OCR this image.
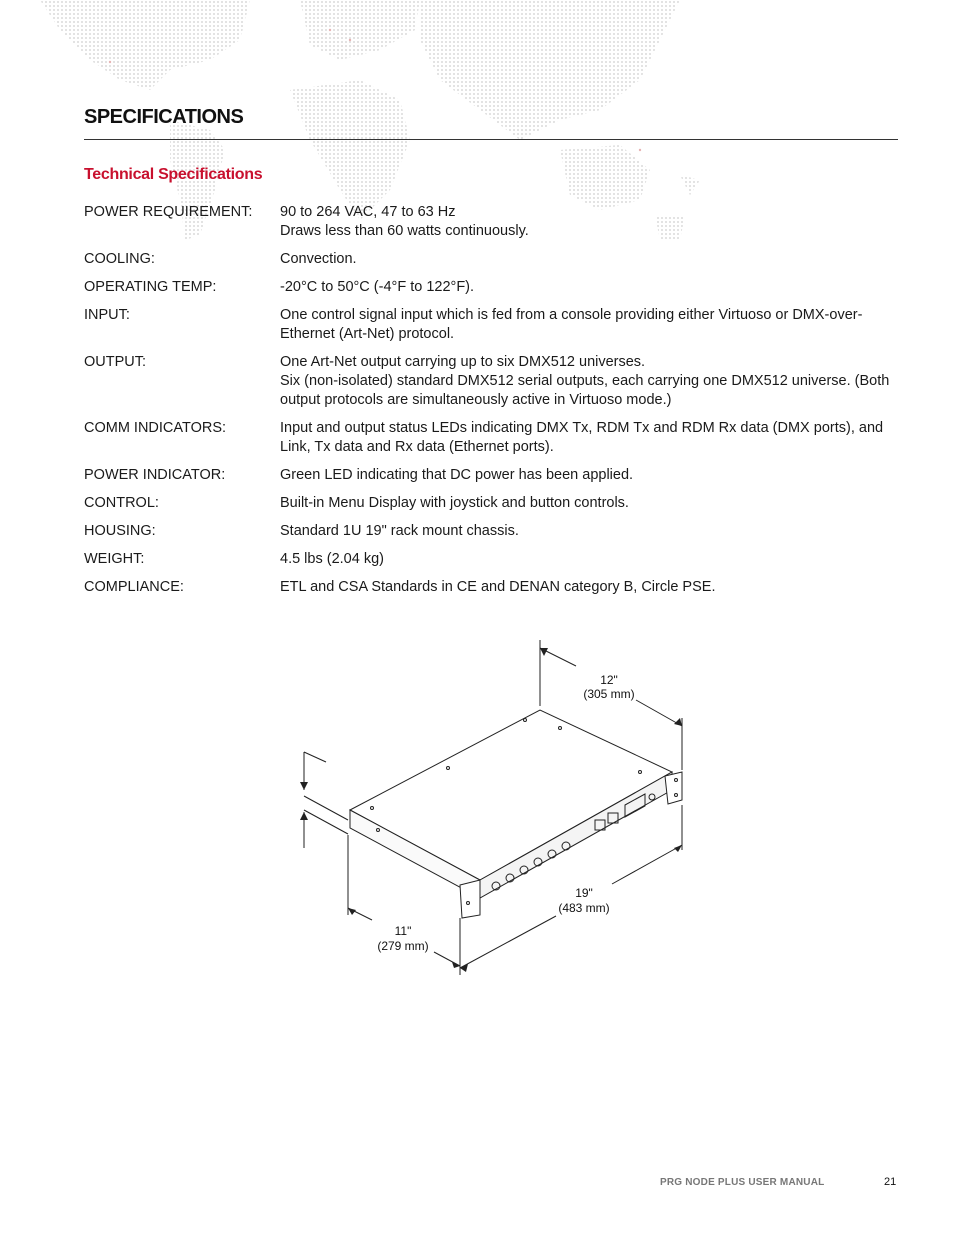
SPECIFICATIONS
Technical Specifications
POWER REQUIREMENT:	90 to 264 VAC, 47 to 63 Hz
Draws less than 60 watts continuously.
COOLING:	Convection.
OPERATING TEMP:	-20°C to 50°C (-4°F to 122°F).
INPUT:	One control signal input which is fed from a console providing either Virtuoso or DMX-over-Ethernet (Art-Net) protocol.
OUTPUT:	One Art-Net output carrying up to six DMX512 universes.
Six (non-isolated) standard DMX512 serial outputs, each carrying one DMX512 universe. (Both output protocols are simultaneously active in Virtuoso mode.)
COMM INDICATORS:	Input and output status LEDs indicating DMX Tx, RDM Tx and RDM Rx data (DMX ports), and Link, Tx data and Rx data (Ethernet ports).
POWER INDICATOR:	Green LED indicating that DC power has been applied.
CONTROL:	Built-in Menu Display with joystick and button controls.
HOUSING:	Standard 1U 19" rack mount chassis.
WEIGHT:	4.5 lbs (2.04 kg)
COMPLIANCE:	ETL and CSA Standards in CE and DENAN category B, Circle PSE.
12"
(305 mm)
19"
(483 mm)
11"
(279 mm)
PRG NODE PLUS USER MANUAL	21
